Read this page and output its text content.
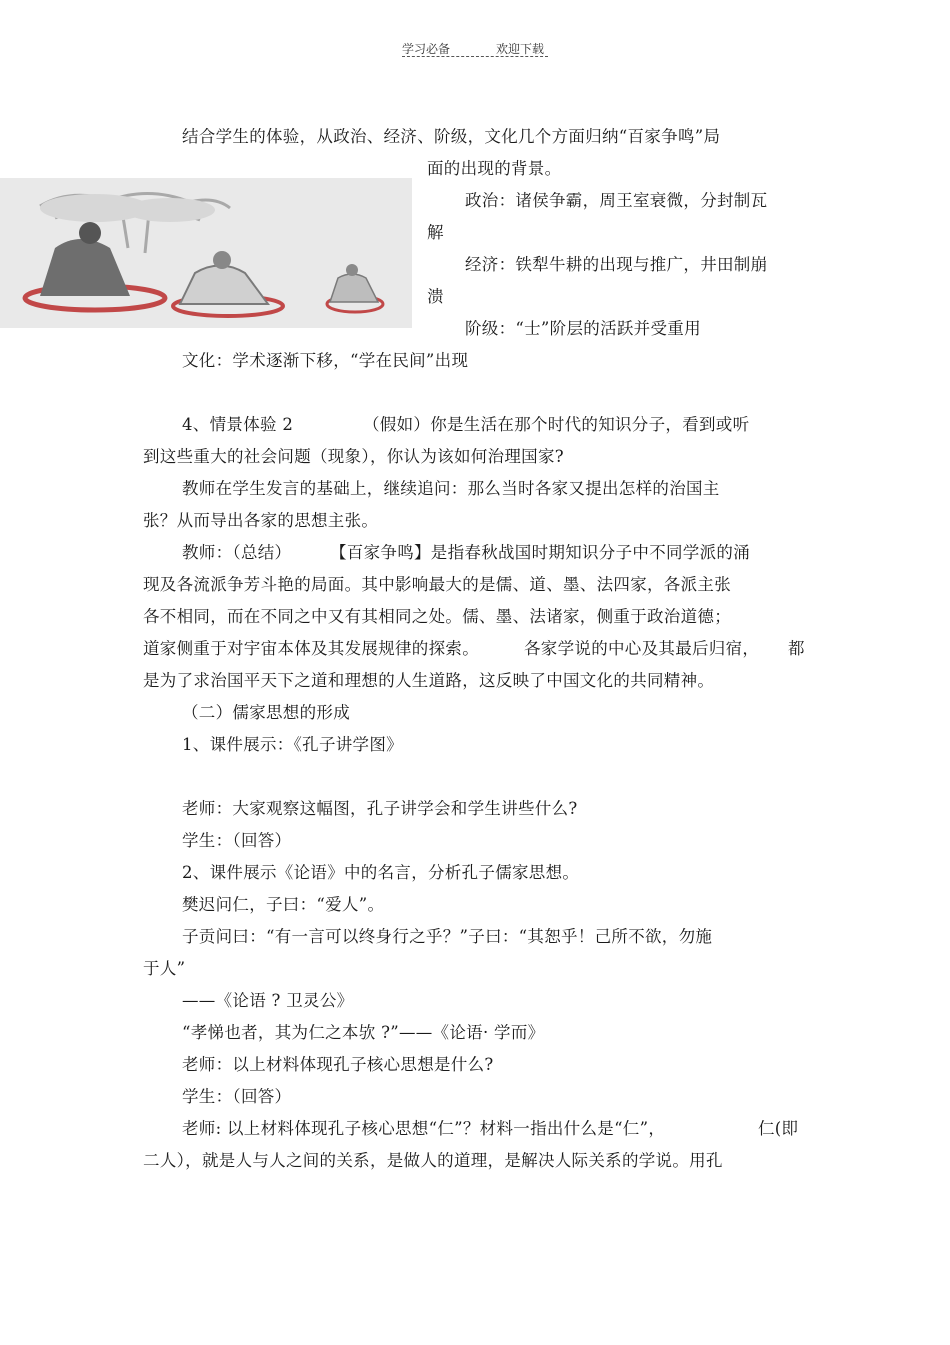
学习必备	欢迎下载
结合学生的体验，从政治、经济、阶级，文化几个方面归纳“百家争鸣”局
面的出现的背景。
政治：诸侯争霸，周王室衰微，分封制瓦
解
经济：铁犁牛耕的出现与推广，井田制崩
溃
阶级：“士”阶层的活跃并受重用
文化：学术逐渐下移，“学在民间”出现
4、情景体验 2	（假如）你是生活在那个时代的知识分子，看到或听
到这些重大的社会问题（现象），你认为该如何治理国家?
教师在学生发言的基础上，继续追问：那么当时各家又提出怎样的治国主
张？从而导出各家的思想主张。
教师：（总结） 【百家争鸣】是指春秋战国时期知识分子中不同学派的涌
现及各流派争芳斗艳的局面。其中影响最大的是儒、道、墨、法四家，各派主张
各不相同，而在不同之中又有其相同之处。儒、墨、法诸家，侧重于政治道德；
道家侧重于对宇宙本体及其发展规律的探索。	各家学说的中心及其最后归宿， 都
是为了求治国平天下之道和理想的人生道路，这反映了中国文化的共同精神。
（二）儒家思想的形成
1、课件展示：《孔子讲学图》
老师：大家观察这幅图，孔子讲学会和学生讲些什么?
学生：（回答）
2、课件展示《论语》中的名言，分析孔子儒家思想。
樊迟问仁，子曰：“爱人”。
子贡问曰：“有一言可以终身行之乎？”子曰：“其恕乎！己所不欲，勿施
于人”
——《论语 ? 卫灵公》
“孝悌也者，其为仁之本欤 ?”——《论语· 学而》
老师：以上材料体现孔子核心思想是什么?
学生：（回答）
老师: 以上材料体现孔子核心思想“仁”？材料一指出什么是“仁”，	仁(即
二人），就是人与人之间的关系，是做人的道理，是解决人际关系的学说。用孔
